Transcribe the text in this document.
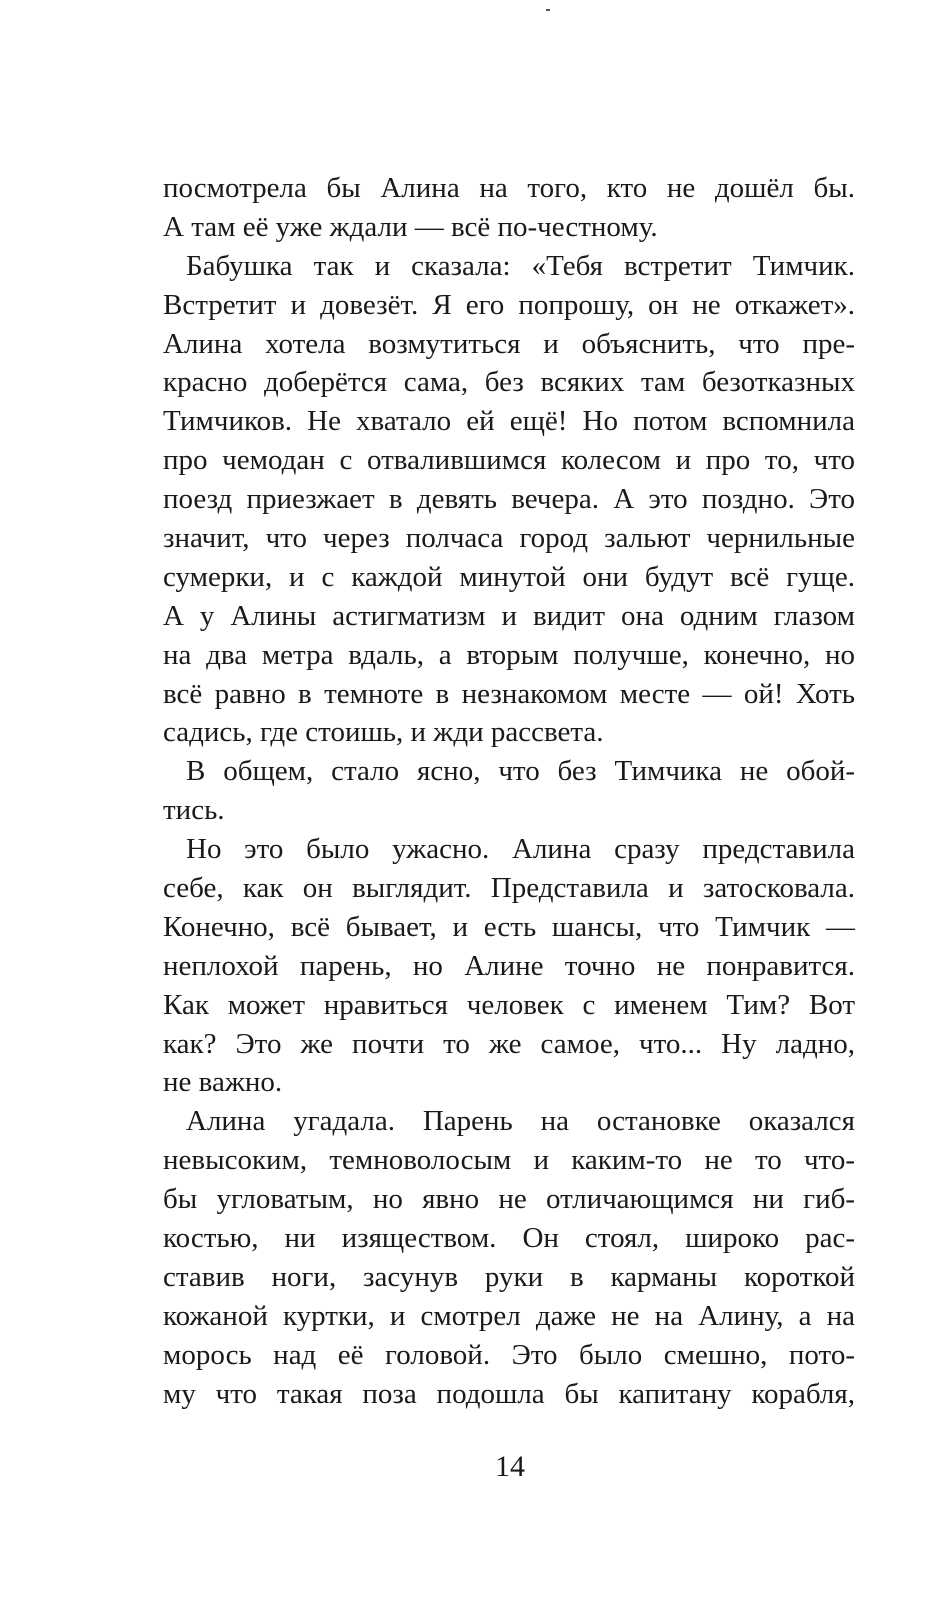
посмотрела бы Алина на того, кто не дошёл бы.
А там её уже ждали — всё по-честному.
Бабушка так и сказала: «Тебя встретит Тимчик.
Встретит и довезёт. Я его попрошу, он не откажет».
Алина хотела возмутиться и объяснить, что пре-
красно доберётся сама, без всяких там безотказных
Тимчиков. Не хватало ей ещё! Но потом вспомнила
про чемодан с отвалившимся колесом и про то, что
поезд приезжает в девять вечера. А это поздно. Это
значит, что через полчаса город зальют чернильные
сумерки, и с каждой минутой они будут всё гуще.
А у Алины астигматизм и видит она одним глазом
на два метра вдаль, а вторым получше, конечно, но
всё равно в темноте в незнакомом месте — ой! Хоть
садись, где стоишь, и жди рассвета.
В общем, стало ясно, что без Тимчика не обой-
тись.
Но это было ужасно. Алина сразу представила
себе, как он выглядит. Представила и затосковала.
Конечно, всё бывает, и есть шансы, что Тимчик —
неплохой парень, но Алине точно не понравится.
Как может нравиться человек с именем Тим? Вот
как? Это же почти то же самое, что... Ну ладно,
не важно.
Алина угадала. Парень на остановке оказался
невысоким, темноволосым и каким-то не то что-
бы угловатым, но явно не отличающимся ни гиб-
костью, ни изяществом. Он стоял, широко рас-
ставив ноги, засунув руки в карманы короткой
кожаной куртки, и смотрел даже не на Алину, а на
морось над её головой. Это было смешно, пото-
му что такая поза подошла бы капитану корабля,
14
